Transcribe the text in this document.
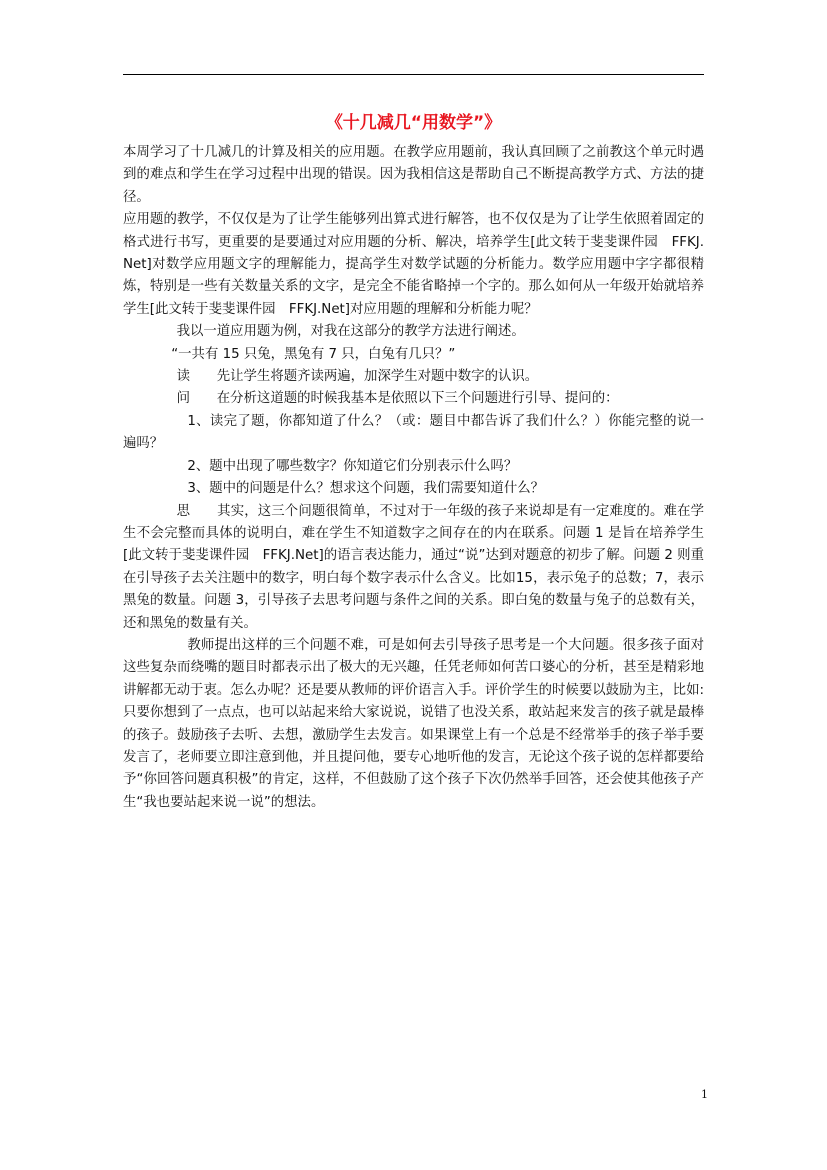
《十几减几“用数学”》

本周学习了十几减几的计算及相关的应用题。在教学应用题前，我认真回顾了之前教这个单元时遇到的难点和学生在学习过程中出现的错误。因为我相信这是帮助自己不断提高教学方式、方法的捷径。

应用题的教学，不仅仅是为了让学生能够列出算式进行解答，也不仅仅是为了让学生依照着固定的格式进行书写，更重要的是要通过对应用题的分析、解决，培养学生[此文转于斐斐课件园　FFKJ.Net]对数学应用题文字的理解能力，提高学生对数学试题的分析能力。数学应用题中字字都很精炼，特别是一些有关数量关系的文字，是完全不能省略掉一个字的。那么如何从一年级开始就培养学生[此文转于斐斐课件园　FFKJ.Net]对应用题的理解和分析能力呢？

我以一道应用题为例，对我在这部分的教学方法进行阐述。

“一共有 15 只兔，黑兔有 7 只，白兔有几只？”

读　　先让学生将题齐读两遍，加深学生对题中数字的认识。

问　　在分析这道题的时候我基本是依照以下三个问题进行引导、提问的：

1、读完了题，你都知道了什么？（或：题目中都告诉了我们什么？）你能完整的说一遍吗？

2、题中出现了哪些数字？你知道它们分别表示什么吗？

3、题中的问题是什么？想求这个问题，我们需要知道什么？

思　　其实，这三个问题很简单，不过对于一年级的孩子来说却是有一定难度的。难在学生不会完整而具体的说明白，难在学生不知道数字之间存在的内在联系。问题 1 是旨在培养学生[此文转于斐斐课件园　FFKJ.Net]的语言表达能力，通过“说”达到对题意的初步了解。问题 2 则重在引导孩子去关注题中的数字，明白每个数字表示什么含义。比如15，表示兔子的总数；7，表示黑兔的数量。问题 3，引导孩子去思考问题与条件之间的关系。即白兔的数量与兔子的总数有关，还和黑兔的数量有关。

教师提出这样的三个问题不难，可是如何去引导孩子思考是一个大问题。很多孩子面对这些复杂而绕嘴的题目时都表示出了极大的无兴趣，任凭老师如何苦口婆心的分析，甚至是精彩地讲解都无动于衷。怎么办呢？还是要从教师的评价语言入手。评价学生的时候要以鼓励为主，比如: 只要你想到了一点点，也可以站起来给大家说说，说错了也没关系，敢站起来发言的孩子就是最棒的孩子。鼓励孩子去听、去想，激励学生去发言。如果课堂上有一个总是不经常举手的孩子举手要发言了，老师要立即注意到他，并且提问他，要专心地听他的发言，无论这个孩子说的怎样都要给予“你回答问题真积极”的肯定，这样，不但鼓励了这个孩子下次仍然举手回答，还会使其他孩子产生“我也要站起来说一说”的想法。

1
